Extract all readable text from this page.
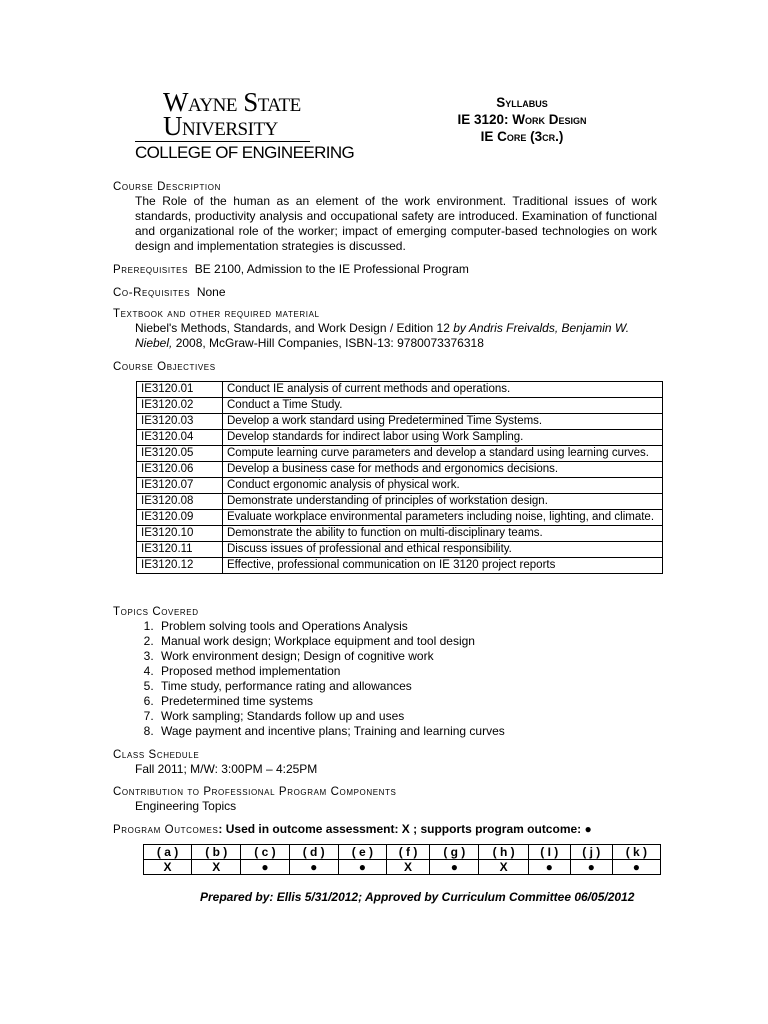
Wayne State
University
COLLEGE OF ENGINEERING
Syllabus
IE 3120: Work Design
IE Core (3cr.)
Course Description
The Role of the human as an element of the work environment. Traditional issues of work standards, productivity analysis and occupational safety are introduced. Examination of functional and organizational role of the worker; impact of emerging computer-based technologies on work design and implementation strategies is discussed.
Prerequisites BE 2100, Admission to the IE Professional Program
Co-Requisites None
Textbook and other required material
Niebel's Methods, Standards, and Work Design / Edition 12 by Andris Freivalds, Benjamin W. Niebel, 2008, McGraw-Hill Companies, ISBN-13: 9780073376318
Course Objectives
IE3120.01	Conduct IE analysis of current methods and operations.
IE3120.02	Conduct a Time Study.
IE3120.03	Develop a work standard using Predetermined Time Systems.
IE3120.04	Develop standards for indirect labor using Work Sampling.
IE3120.05	Compute learning curve parameters and develop a standard using learning curves.
IE3120.06	Develop a business case for methods and ergonomics decisions.
IE3120.07	Conduct ergonomic analysis of physical work.
IE3120.08	Demonstrate understanding of principles of workstation design.
IE3120.09	Evaluate workplace environmental parameters including noise, lighting, and climate.
IE3120.10	Demonstrate the ability to function on multi-disciplinary teams.
IE3120.11	Discuss issues of professional and ethical responsibility.
IE3120.12	Effective, professional communication on IE 3120 project reports
Topics Covered
1. Problem solving tools and Operations Analysis
2. Manual work design; Workplace equipment and tool design
3. Work environment design; Design of cognitive work
4. Proposed method implementation
5. Time study, performance rating and allowances
6. Predetermined time systems
7. Work sampling; Standards follow up and uses
8. Wage payment and incentive plans; Training and learning curves
Class Schedule
Fall 2011; M/W: 3:00PM – 4:25PM
Contribution to Professional Program Components
Engineering Topics
Program Outcomes: Used in outcome assessment: X ; supports program outcome: ●
( a )	( b )	( c )	( d )	( e )	( f )	( g )	( h )	( I )	( j )	( k )
X	X	●	●	●	X	●	X	●	●	●
Prepared by: Ellis 5/31/2012; Approved by Curriculum Committee 06/05/2012
